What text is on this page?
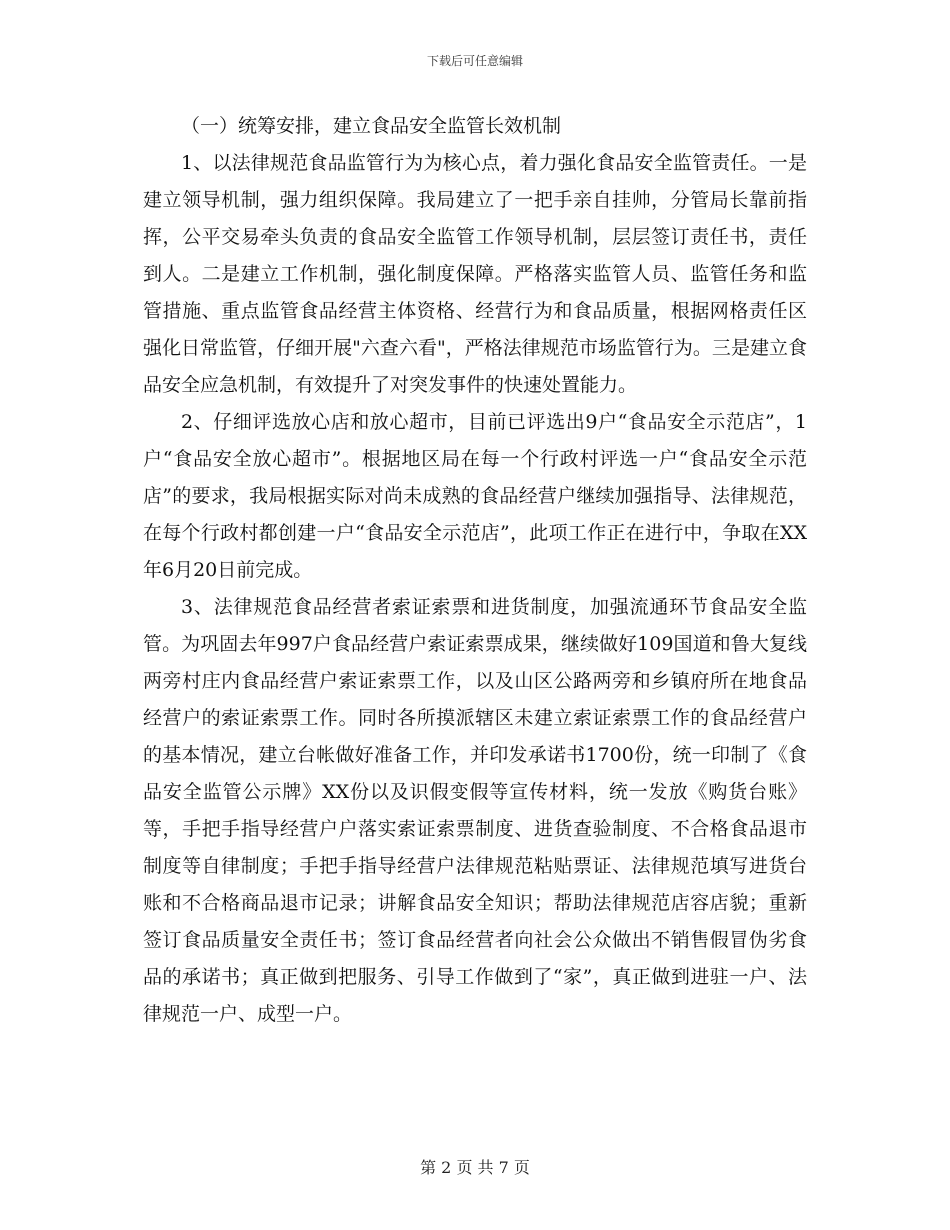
下载后可任意编辑

（一）统筹安排，建立食品安全监管长效机制

1、以法律规范食品监管行为为核心点，着力强化食品安全监管责任。一是建立领导机制，强力组织保障。我局建立了一把手亲自挂帅，分管局长靠前指挥，公平交易牵头负责的食品安全监管工作领导机制，层层签订责任书，责任到人。二是建立工作机制，强化制度保障。严格落实监管人员、监管任务和监管措施、重点监管食品经营主体资格、经营行为和食品质量，根据网格责任区强化日常监管，仔细开展"六查六看"，严格法律规范市场监管行为。三是建立食品安全应急机制，有效提升了对突发事件的快速处置能力。

2、仔细评选放心店和放心超市，目前已评选出9户“食品安全示范店”，1户“食品安全放心超市”。根据地区局在每一个行政村评选一户“食品安全示范店”的要求，我局根据实际对尚未成熟的食品经营户继续加强指导、法律规范，在每个行政村都创建一户“食品安全示范店”，此项工作正在进行中，争取在XX年6月20日前完成。

3、法律规范食品经营者索证索票和进货制度，加强流通环节食品安全监管。为巩固去年997户食品经营户索证索票成果，继续做好109国道和鲁大复线两旁村庄内食品经营户索证索票工作，以及山区公路两旁和乡镇府所在地食品经营户的索证索票工作。同时各所摸派辖区未建立索证索票工作的食品经营户的基本情况，建立台帐做好准备工作，并印发承诺书1700份，统一印制了《食品安全监管公示牌》XX份以及识假变假等宣传材料，统一发放《购货台账》等，手把手指导经营户户落实索证索票制度、进货查验制度、不合格食品退市制度等自律制度；手把手指导经营户法律规范粘贴票证、法律规范填写进货台账和不合格商品退市记录；讲解食品安全知识；帮助法律规范店容店貌；重新签订食品质量安全责任书；签订食品经营者向社会公众做出不销售假冒伪劣食品的承诺书；真正做到把服务、引导工作做到了“家”，真正做到进驻一户、法律规范一户、成型一户。

第 2 页 共 7 页
